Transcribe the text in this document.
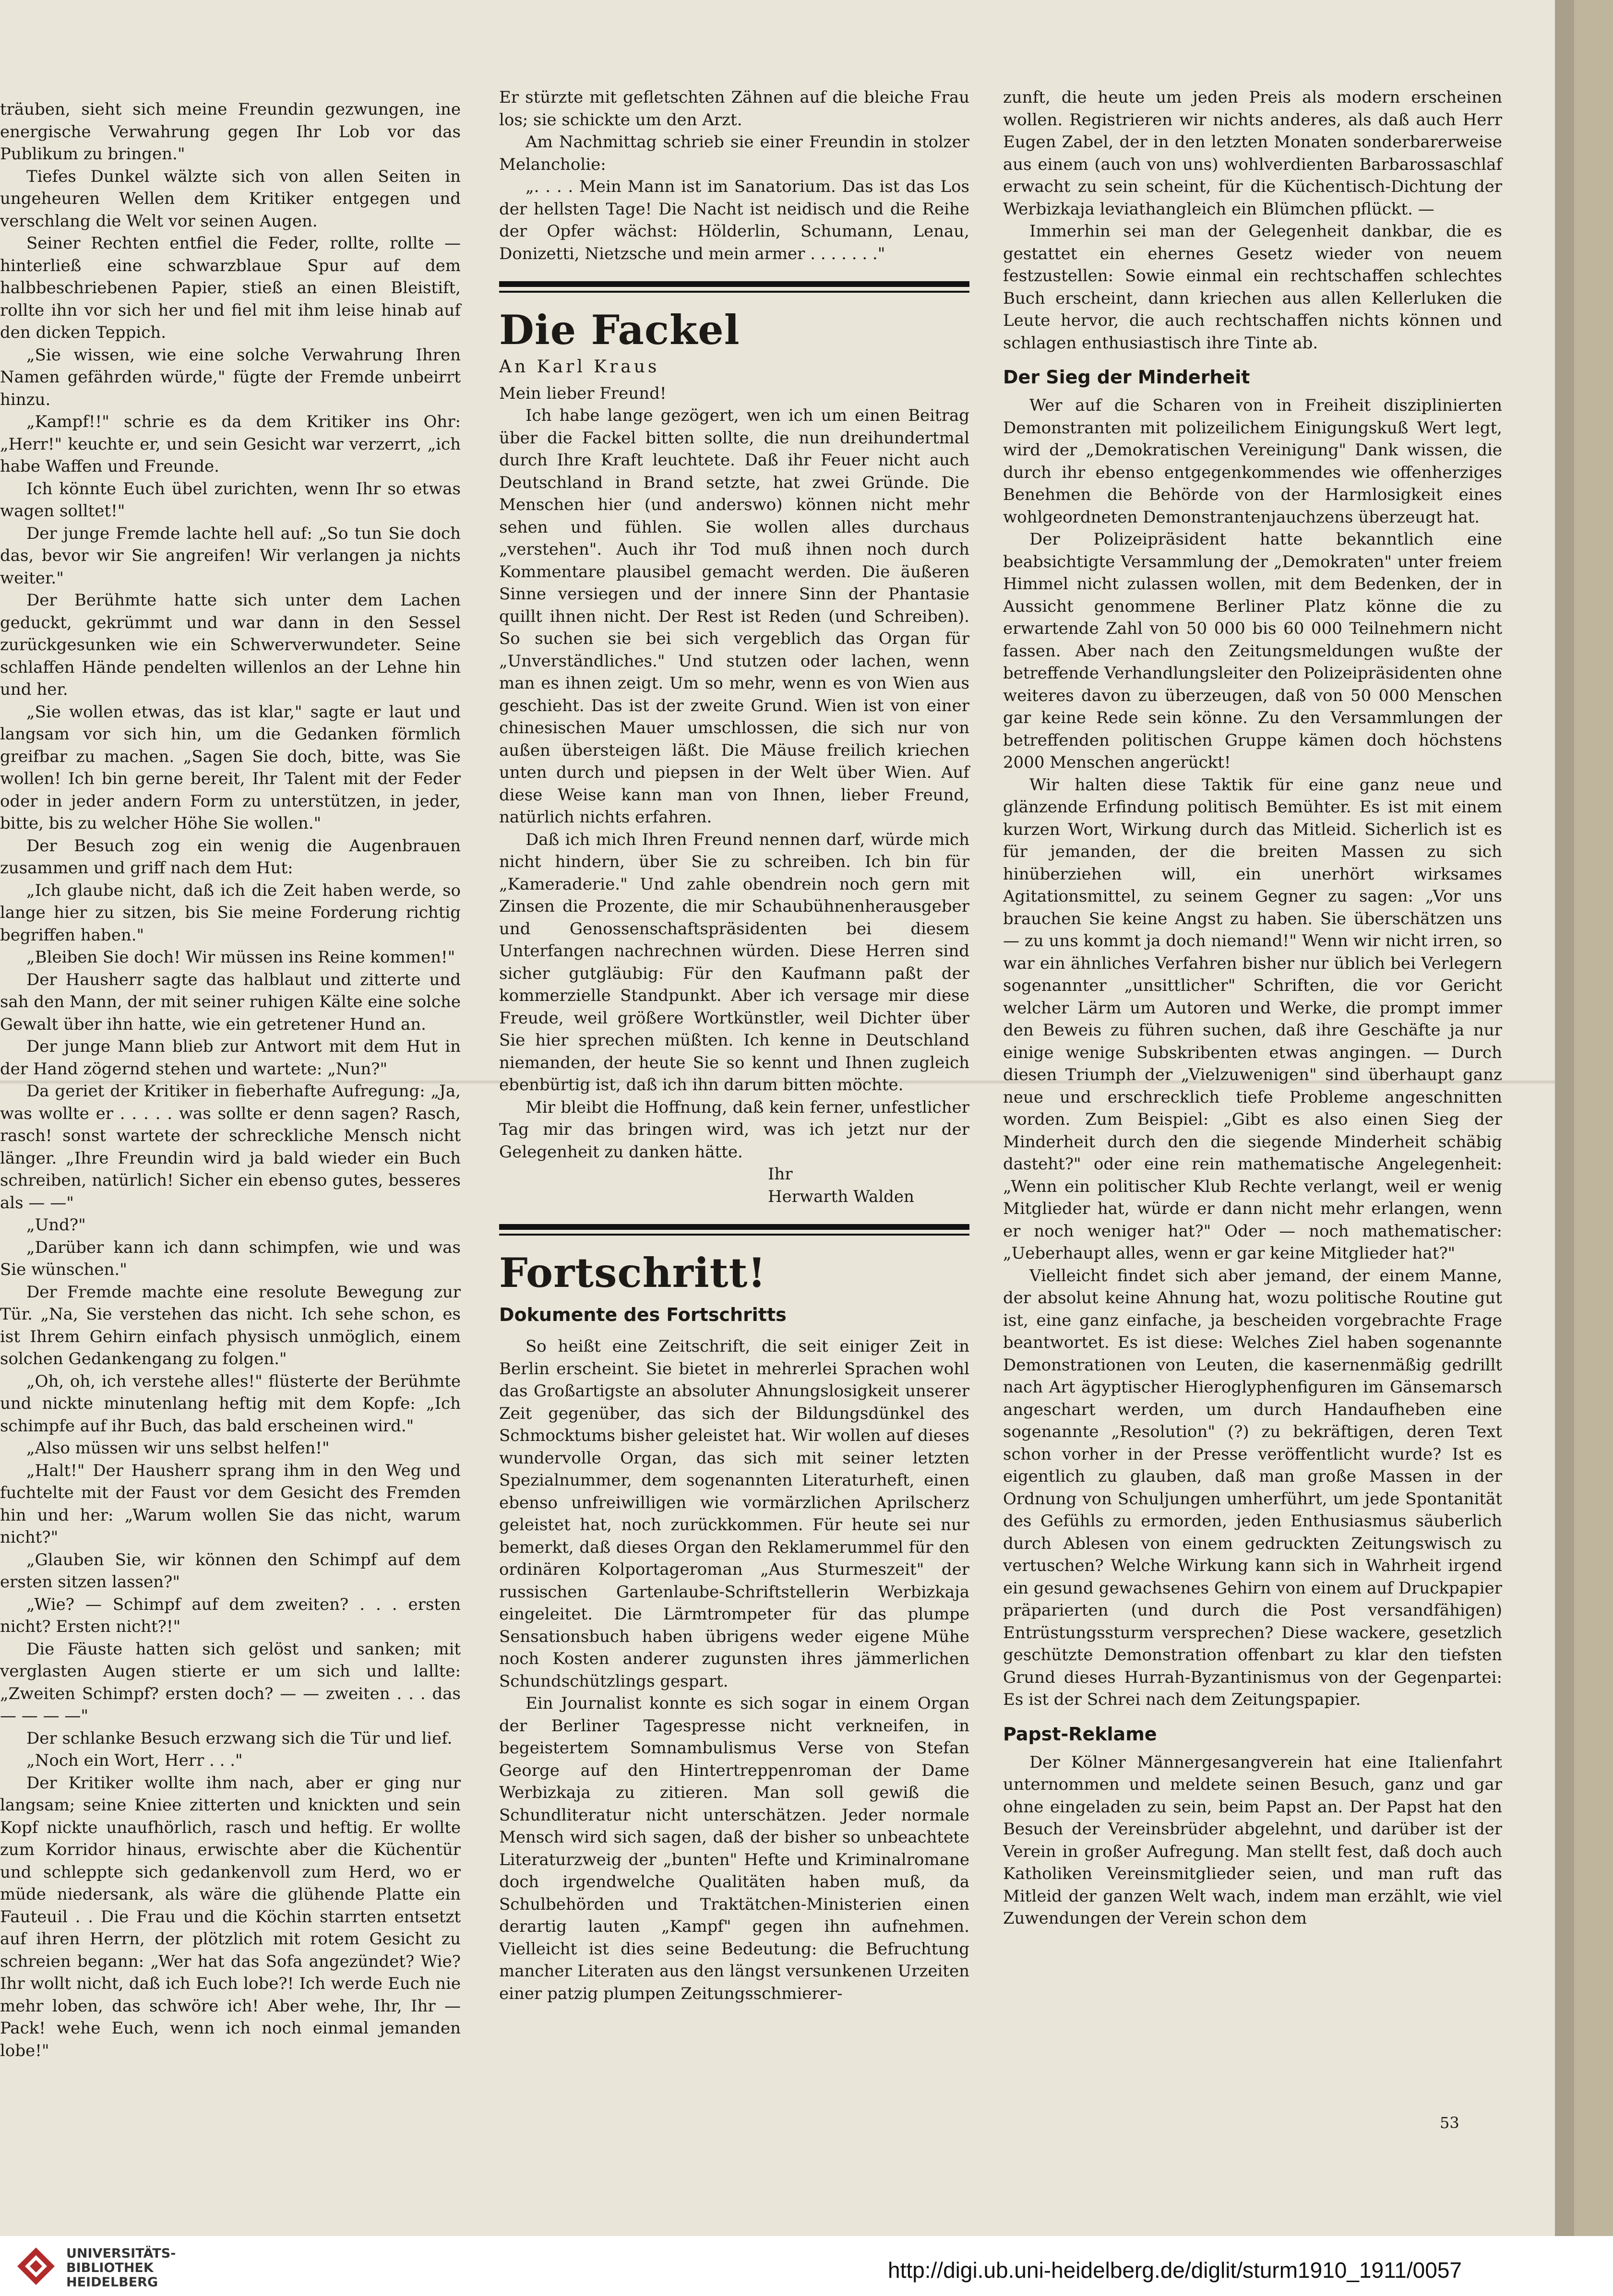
träuben, sieht sich meine Freundin gezwungen, ine energische Verwahrung gegen Ihr Lob vor das Publikum zu bringen."

Tiefes Dunkel wälzte sich von allen Seiten in ungeheuren Wellen dem Kritiker entgegen und verschlang die Welt vor seinen Augen.

Seiner Rechten entfiel die Feder, rollte, rollte — hinterließ eine schwarzblaue Spur auf dem halbbeschriebenen Papier, stieß an einen Bleistift, rollte ihn vor sich her und fiel mit ihm leise hinab auf den dicken Teppich.

„Sie wissen, wie eine solche Verwahrung Ihren Namen gefährden würde," fügte der Fremde unbeirrt hinzu.

„Kampf!!" schrie es da dem Kritiker ins Ohr: „Herr!" keuchte er, und sein Gesicht war verzerrt, „ich habe Waffen und Freunde.

Ich könnte Euch übel zurichten, wenn Ihr so etwas wagen solltet!"

Der junge Fremde lachte hell auf: „So tun Sie doch das, bevor wir Sie angreifen! Wir verlangen ja nichts weiter."

Der Berühmte hatte sich unter dem Lachen geduckt, gekrümmt und war dann in den Sessel zurückgesunken wie ein Schwerverwundeter. Seine schlaffen Hände pendelten willenlos an der Lehne hin und her.

„Sie wollen etwas, das ist klar," sagte er laut und langsam vor sich hin, um die Gedanken förmlich greifbar zu machen. „Sagen Sie doch, bitte, was Sie wollen! Ich bin gerne bereit, Ihr Talent mit der Feder oder in jeder andern Form zu unterstützen, in jeder, bitte, bis zu welcher Höhe Sie wollen."

Der Besuch zog ein wenig die Augenbrauen zusammen und griff nach dem Hut:

„Ich glaube nicht, daß ich die Zeit haben werde, so lange hier zu sitzen, bis Sie meine Forderung richtig begriffen haben."

„Bleiben Sie doch! Wir müssen ins Reine kommen!"

Der Hausherr sagte das halblaut und zitterte und sah den Mann, der mit seiner ruhigen Kälte eine solche Gewalt über ihn hatte, wie ein getretener Hund an.

Der junge Mann blieb zur Antwort mit dem Hut in der Hand zögernd stehen und wartete: „Nun?"

Da geriet der Kritiker in fieberhafte Aufregung: „Ja, was wollte er . . . . . was sollte er denn sagen? Rasch, rasch! sonst wartete der schreckliche Mensch nicht länger. „Ihre Freundin wird ja bald wieder ein Buch schreiben, natürlich! Sicher ein ebenso gutes, besseres als — —"

„Und?"

„Darüber kann ich dann schimpfen, wie und was Sie wünschen."

Der Fremde machte eine resolute Bewegung zur Tür. „Na, Sie verstehen das nicht. Ich sehe schon, es ist Ihrem Gehirn einfach physisch unmöglich, einem solchen Gedankengang zu folgen."

„Oh, oh, ich verstehe alles!" flüsterte der Berühmte und nickte minutenlang heftig mit dem Kopfe: „Ich schimpfe auf ihr Buch, das bald erscheinen wird."

„Also müssen wir uns selbst helfen!"

„Halt!" Der Hausherr sprang ihm in den Weg und fuchtelte mit der Faust vor dem Gesicht des Fremden hin und her: „Warum wollen Sie das nicht, warum nicht?"

„Glauben Sie, wir können den Schimpf auf dem ersten sitzen lassen?"

„Wie? — Schimpf auf dem zweiten? . . . ersten nicht? Ersten nicht?!"

Die Fäuste hatten sich gelöst und sanken; mit verglasten Augen stierte er um sich und lallte: „Zweiten Schimpf? ersten doch? — — zweiten . . . das — — — —"

Der schlanke Besuch erzwang sich die Tür und lief.

„Noch ein Wort, Herr . . ."

Der Kritiker wollte ihm nach, aber er ging nur langsam; seine Kniee zitterten und knickten und sein Kopf nickte unaufhörlich, rasch und heftig. Er wollte zum Korridor hinaus, erwischte aber die Küchentür und schleppte sich gedankenvoll zum Herd, wo er müde niedersank, als wäre die glühende Platte ein Fauteuil . . Die Frau und die Köchin starrten entsetzt auf ihren Herrn, der plötzlich mit rotem Gesicht zu schreien begann: „Wer hat das Sofa angezündet? Wie? Ihr wollt nicht, daß ich Euch lobe?! Ich werde Euch nie mehr loben, das schwöre ich! Aber wehe, Ihr, Ihr — Pack! wehe Euch, wenn ich noch einmal jemanden lobe!"

Er stürzte mit gefletschten Zähnen auf die bleiche Frau los; sie schickte um den Arzt.

Am Nachmittag schrieb sie einer Freundin in stolzer Melancholie:

„. . . . Mein Mann ist im Sanatorium. Das ist das Los der hellsten Tage! Die Nacht ist neidisch und die Reihe der Opfer wächst: Hölderlin, Schumann, Lenau, Donizetti, Nietzsche und mein armer . . . . . . ."

Die Fackel
An Karl Kraus

Mein lieber Freund!

Ich habe lange gezögert, wen ich um einen Beitrag über die Fackel bitten sollte, die nun dreihundertmal durch Ihre Kraft leuchtete. Daß ihr Feuer nicht auch Deutschland in Brand setzte, hat zwei Gründe. Die Menschen hier (und anderswo) können nicht mehr sehen und fühlen. Sie wollen alles durchaus „verstehen". Auch ihr Tod muß ihnen noch durch Kommentare plausibel gemacht werden. Die äußeren Sinne versiegen und der innere Sinn der Phantasie quillt ihnen nicht. Der Rest ist Reden (und Schreiben). So suchen sie bei sich vergeblich das Organ für „Unverständliches." Und stutzen oder lachen, wenn man es ihnen zeigt. Um so mehr, wenn es von Wien aus geschieht. Das ist der zweite Grund. Wien ist von einer chinesischen Mauer umschlossen, die sich nur von außen übersteigen läßt. Die Mäuse freilich kriechen unten durch und piepsen in der Welt über Wien. Auf diese Weise kann man von Ihnen, lieber Freund, natürlich nichts erfahren.

Daß ich mich Ihren Freund nennen darf, würde mich nicht hindern, über Sie zu schreiben. Ich bin für „Kameraderie." Und zahle obendrein noch gern mit Zinsen die Prozente, die mir Schaubühnenherausgeber und Genossenschaftspräsidenten bei diesem Unterfangen nachrechnen würden. Diese Herren sind sicher gutgläubig: Für den Kaufmann paßt der kommerzielle Standpunkt. Aber ich versage mir diese Freude, weil größere Wortkünstler, weil Dichter über Sie hier sprechen müßten. Ich kenne in Deutschland niemanden, der heute Sie so kennt und Ihnen zugleich ebenbürtig ist, daß ich ihn darum bitten möchte.

Mir bleibt die Hoffnung, daß kein ferner, unfestlicher Tag mir das bringen wird, was ich jetzt nur der Gelegenheit zu danken hätte.

Ihr

Herwarth Walden

Fortschritt!
Dokumente des Fortschritts

So heißt eine Zeitschrift, die seit einiger Zeit in Berlin erscheint. Sie bietet in mehrerlei Sprachen wohl das Großartigste an absoluter Ahnungslosigkeit unserer Zeit gegenüber, das sich der Bildungsdünkel des Schmocktums bisher geleistet hat. Wir wollen auf dieses wundervolle Organ, das sich mit seiner letzten Spezialnummer, dem sogenannten Literaturheft, einen ebenso unfreiwilligen wie vormärzlichen Aprilscherz geleistet hat, noch zurückkommen. Für heute sei nur bemerkt, daß dieses Organ den Reklamerummel für den ordinären Kolportageroman „Aus Sturmeszeit" der russischen Gartenlaube-Schriftstellerin Werbizkaja eingeleitet. Die Lärmtrompeter für das plumpe Sensationsbuch haben übrigens weder eigene Mühe noch Kosten anderer zugunsten ihres jämmerlichen Schundschützlings gespart.

Ein Journalist konnte es sich sogar in einem Organ der Berliner Tagespresse nicht verkneifen, in begeistertem Somnambulismus Verse von Stefan George auf den Hintertreppenroman der Dame Werbizkaja zu zitieren. Man soll gewiß die Schundliteratur nicht unterschätzen. Jeder normale Mensch wird sich sagen, daß der bisher so unbeachtete Literaturzweig der „bunten" Hefte und Kriminalromane doch irgendwelche Qualitäten haben muß, da Schulbehörden und Traktätchen-Ministerien einen derartig lauten „Kampf" gegen ihn aufnehmen. Vielleicht ist dies seine Bedeutung: die Befruchtung mancher Literaten aus den längst versunkenen Urzeiten einer patzig plumpen Zeitungsschmierer-

zunft, die heute um jeden Preis als modern erscheinen wollen. Registrieren wir nichts anderes, als daß auch Herr Eugen Zabel, der in den letzten Monaten sonderbarerweise aus einem (auch von uns) wohlverdienten Barbarossaschlaf erwacht zu sein scheint, für die Küchentisch-Dichtung der Werbizkaja leviathangleich ein Blümchen pflückt. —

Immerhin sei man der Gelegenheit dankbar, die es gestattet ein ehernes Gesetz wieder von neuem festzustellen: Sowie einmal ein rechtschaffen schlechtes Buch erscheint, dann kriechen aus allen Kellerluken die Leute hervor, die auch rechtschaffen nichts können und schlagen enthusiastisch ihre Tinte ab.

Der Sieg der Minderheit

Wer auf die Scharen von in Freiheit disziplinierten Demonstranten mit polizeilichem Einigungskuß Wert legt, wird der „Demokratischen Vereinigung" Dank wissen, die durch ihr ebenso entgegenkommendes wie offenherziges Benehmen die Behörde von der Harmlosigkeit eines wohlgeordneten Demonstrantenjauchzens überzeugt hat.

Der Polizeipräsident hatte bekanntlich eine beabsichtigte Versammlung der „Demokraten" unter freiem Himmel nicht zulassen wollen, mit dem Bedenken, der in Aussicht genommene Berliner Platz könne die zu erwartende Zahl von 50 000 bis 60 000 Teilnehmern nicht fassen. Aber nach den Zeitungsmeldungen wußte der betreffende Verhandlungsleiter den Polizeipräsidenten ohne weiteres davon zu überzeugen, daß von 50 000 Menschen gar keine Rede sein könne. Zu den Versammlungen der betreffenden politischen Gruppe kämen doch höchstens 2000 Menschen angerückt!

Wir halten diese Taktik für eine ganz neue und glänzende Erfindung politisch Bemühter. Es ist mit einem kurzen Wort, Wirkung durch das Mitleid. Sicherlich ist es für jemanden, der die breiten Massen zu sich hinüberziehen will, ein unerhört wirksames Agitationsmittel, zu seinem Gegner zu sagen: „Vor uns brauchen Sie keine Angst zu haben. Sie überschätzen uns — zu uns kommt ja doch niemand!" Wenn wir nicht irren, so war ein ähnliches Verfahren bisher nur üblich bei Verlegern sogenannter „unsittlicher" Schriften, die vor Gericht welcher Lärm um Autoren und Werke, die prompt immer den Beweis zu führen suchen, daß ihre Geschäfte ja nur einige wenige Subskribenten etwas angingen. — Durch diesen Triumph der „Vielzuwenigen" sind überhaupt ganz neue und erschrecklich tiefe Probleme angeschnitten worden. Zum Beispiel: „Gibt es also einen Sieg der Minderheit durch den die siegende Minderheit schäbig dasteht?" oder eine rein mathematische Angelegenheit: „Wenn ein politischer Klub Rechte verlangt, weil er wenig Mitglieder hat, würde er dann nicht mehr erlangen, wenn er noch weniger hat?" Oder — noch mathematischer: „Ueberhaupt alles, wenn er gar keine Mitglieder hat?"

Vielleicht findet sich aber jemand, der einem Manne, der absolut keine Ahnung hat, wozu politische Routine gut ist, eine ganz einfache, ja bescheiden vorgebrachte Frage beantwortet. Es ist diese: Welches Ziel haben sogenannte Demonstrationen von Leuten, die kasernenmäßig gedrillt nach Art ägyptischer Hieroglyphenfiguren im Gänsemarsch angeschart werden, um durch Handaufheben eine sogenannte „Resolution" (?) zu bekräftigen, deren Text schon vorher in der Presse veröffentlicht wurde? Ist es eigentlich zu glauben, daß man große Massen in der Ordnung von Schuljungen umherführt, um jede Spontanität des Gefühls zu ermorden, jeden Enthusiasmus säuberlich durch Ablesen von einem gedruckten Zeitungswisch zu vertuschen? Welche Wirkung kann sich in Wahrheit irgend ein gesund gewachsenes Gehirn von einem auf Druckpapier präparierten (und durch die Post versandfähigen) Entrüstungssturm versprechen? Diese wackere, gesetzlich geschützte Demonstration offenbart zu klar den tiefsten Grund dieses Hurrah-Byzantinismus von der Gegenpartei: Es ist der Schrei nach dem Zeitungspapier.

Papst-Reklame

Der Kölner Männergesangverein hat eine Italienfahrt unternommen und meldete seinen Besuch, ganz und gar ohne eingeladen zu sein, beim Papst an. Der Papst hat den Besuch der Vereinsbrüder abgelehnt, und darüber ist der Verein in großer Aufregung. Man stellt fest, daß doch auch Katholiken Vereinsmitglieder seien, und man ruft das Mitleid der ganzen Welt wach, indem man erzählt, wie viel Zuwendungen der Verein schon dem

53
UNIVERSITÄTS-
BIBLIOTHEK
HEIDELBERG	http://digi.ub.uni-heidelberg.de/diglit/sturm1910_1911/0057
